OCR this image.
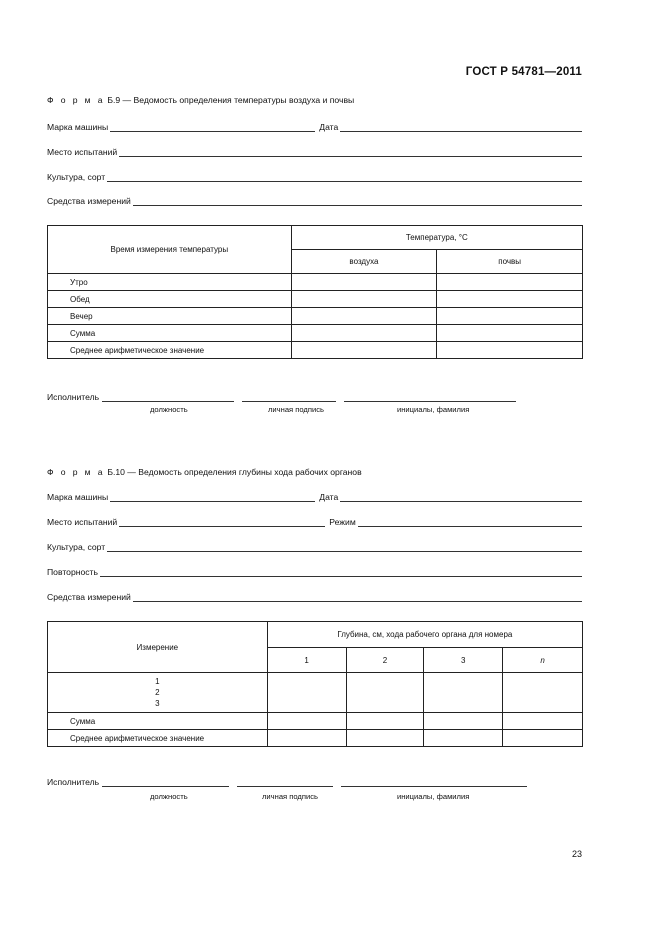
ГОСТ Р 54781—2011
Ф о р м а Б.9 — Ведомость определения температуры воздуха и почвы
Марка машины	Дата
Место испытаний
Культура, сорт
Средства измерений
Время измерения температуры	Температура, °С	
	воздуха	почвы
Утро		
Обед		
Вечер		
Сумма		
Среднее арифметическое значение		
Исполнитель
должность	личная подпись	инициалы, фамилия
Ф о р м а Б.10 — Ведомость определения глубины хода рабочих органов
Марка машины	Дата
Место испытаний	Режим
Культура, сорт
Повторность
Средства измерений
Измерение	Глубина, см, хода рабочего органа для номера			
	1	2	3	n

1
2
3				

Сумма				
Среднее арифметическое значение				
Исполнитель
должность	личная подпись	инициалы, фамилия
23
